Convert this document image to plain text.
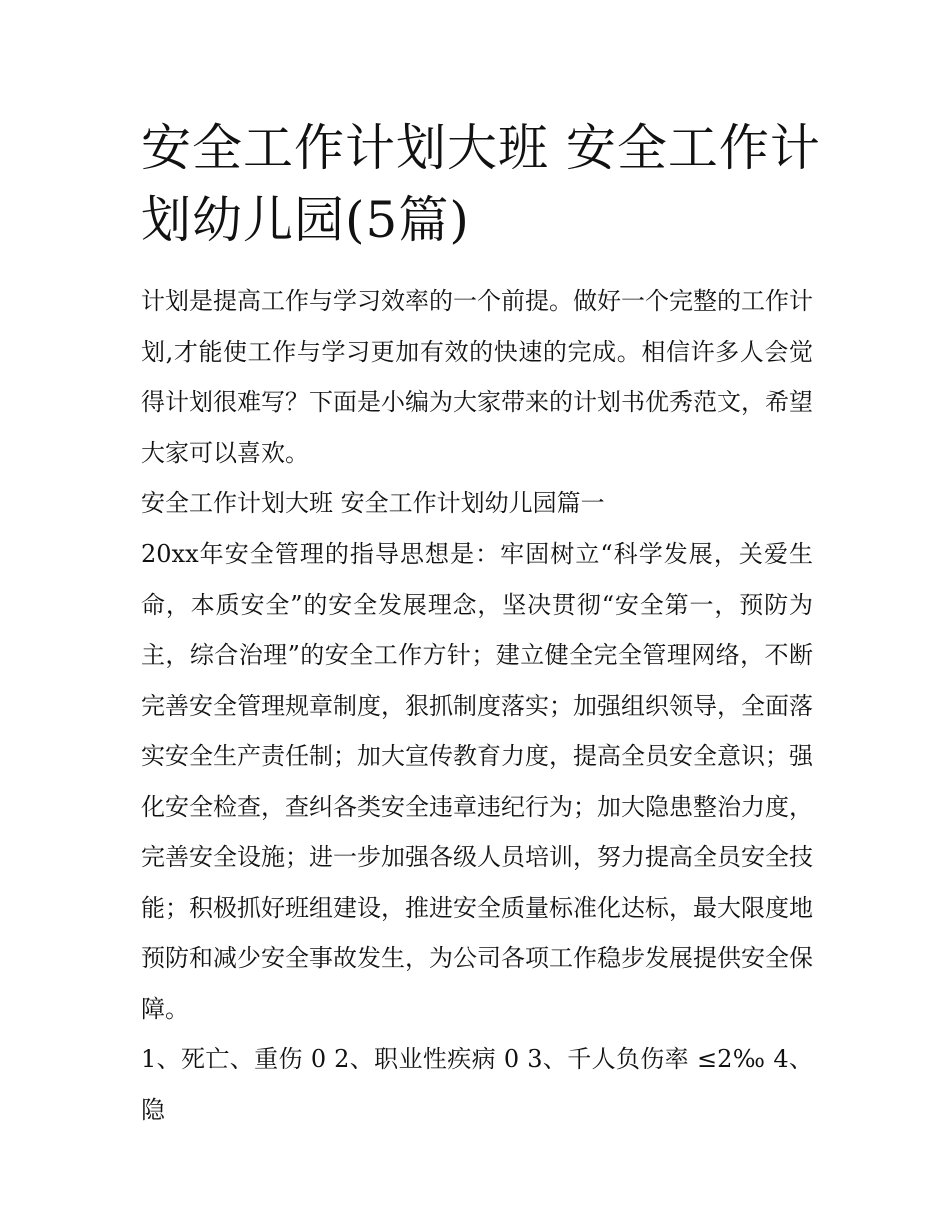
安全工作计划大班 安全工作计划幼儿园(5篇)

计划是提高工作与学习效率的一个前提。做好一个完整的工作计划,才能使工作与学习更加有效的快速的完成。相信许多人会觉得计划很难写？下面是小编为大家带来的计划书优秀范文，希望大家可以喜欢。

安全工作计划大班 安全工作计划幼儿园篇一

20xx年安全管理的指导思想是：牢固树立“科学发展，关爱生命，本质安全”的安全发展理念，坚决贯彻“安全第一，预防为主，综合治理”的安全工作方针；建立健全完全管理网络，不断完善安全管理规章制度，狠抓制度落实；加强组织领导，全面落实安全生产责任制；加大宣传教育力度，提高全员安全意识；强化安全检查，查纠各类安全违章违纪行为；加大隐患整治力度，完善安全设施；进一步加强各级人员培训，努力提高全员安全技能；积极抓好班组建设，推进安全质量标准化达标，最大限度地预防和减少安全事故发生，为公司各项工作稳步发展提供安全保障。

1、死亡、重伤 0 2、职业性疾病 0 3、千人负伤率 ≤2‰ 4、隐
